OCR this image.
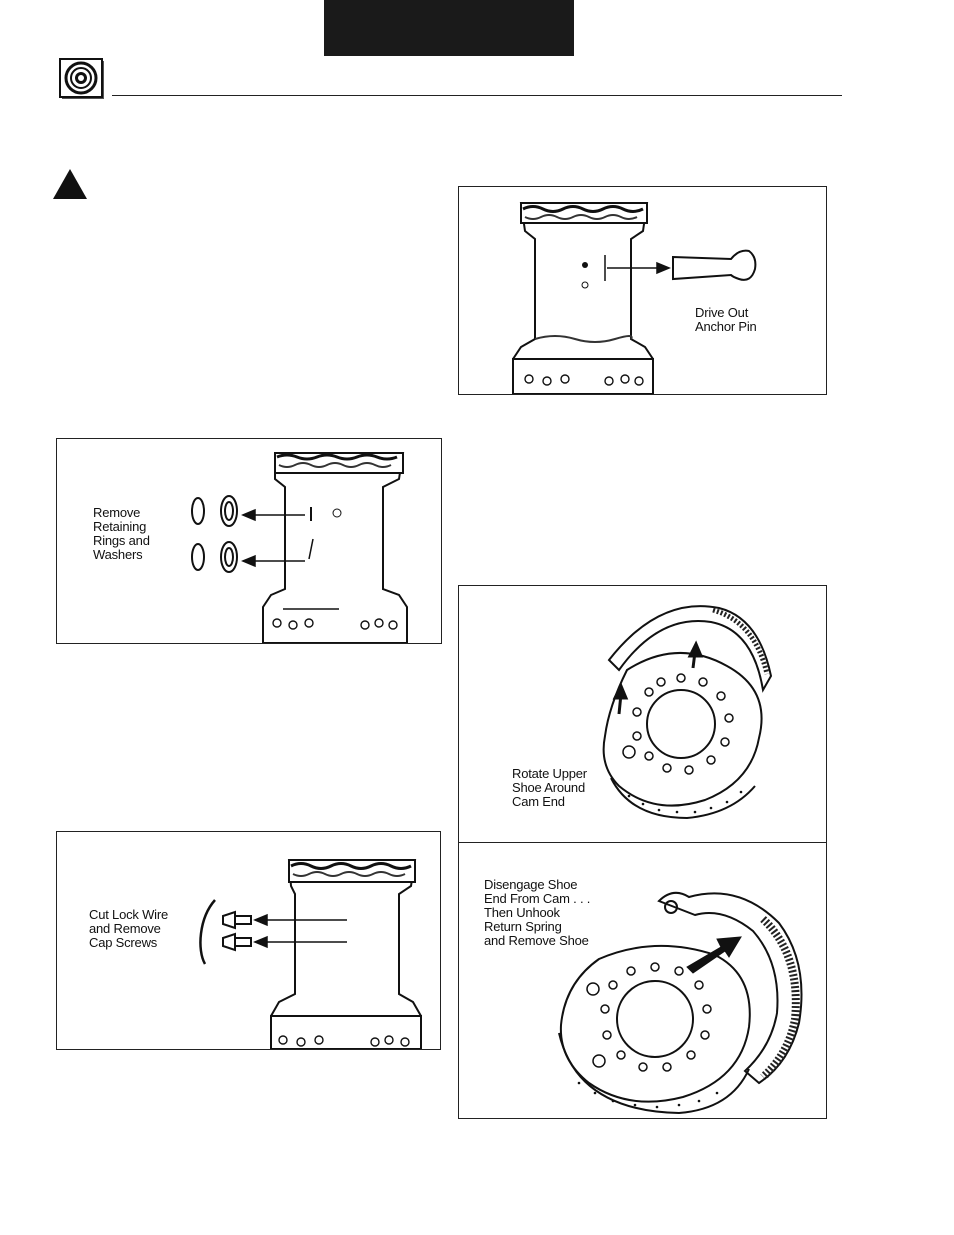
Remove
Retaining
Rings and
Washers
Cut Lock Wire
and Remove
Cap Screws
Drive Out
Anchor Pin
Rotate Upper
Shoe Around
Cam End
Disengage Shoe
End From Cam . . .
Then Unhook
Return Spring
and Remove Shoe
